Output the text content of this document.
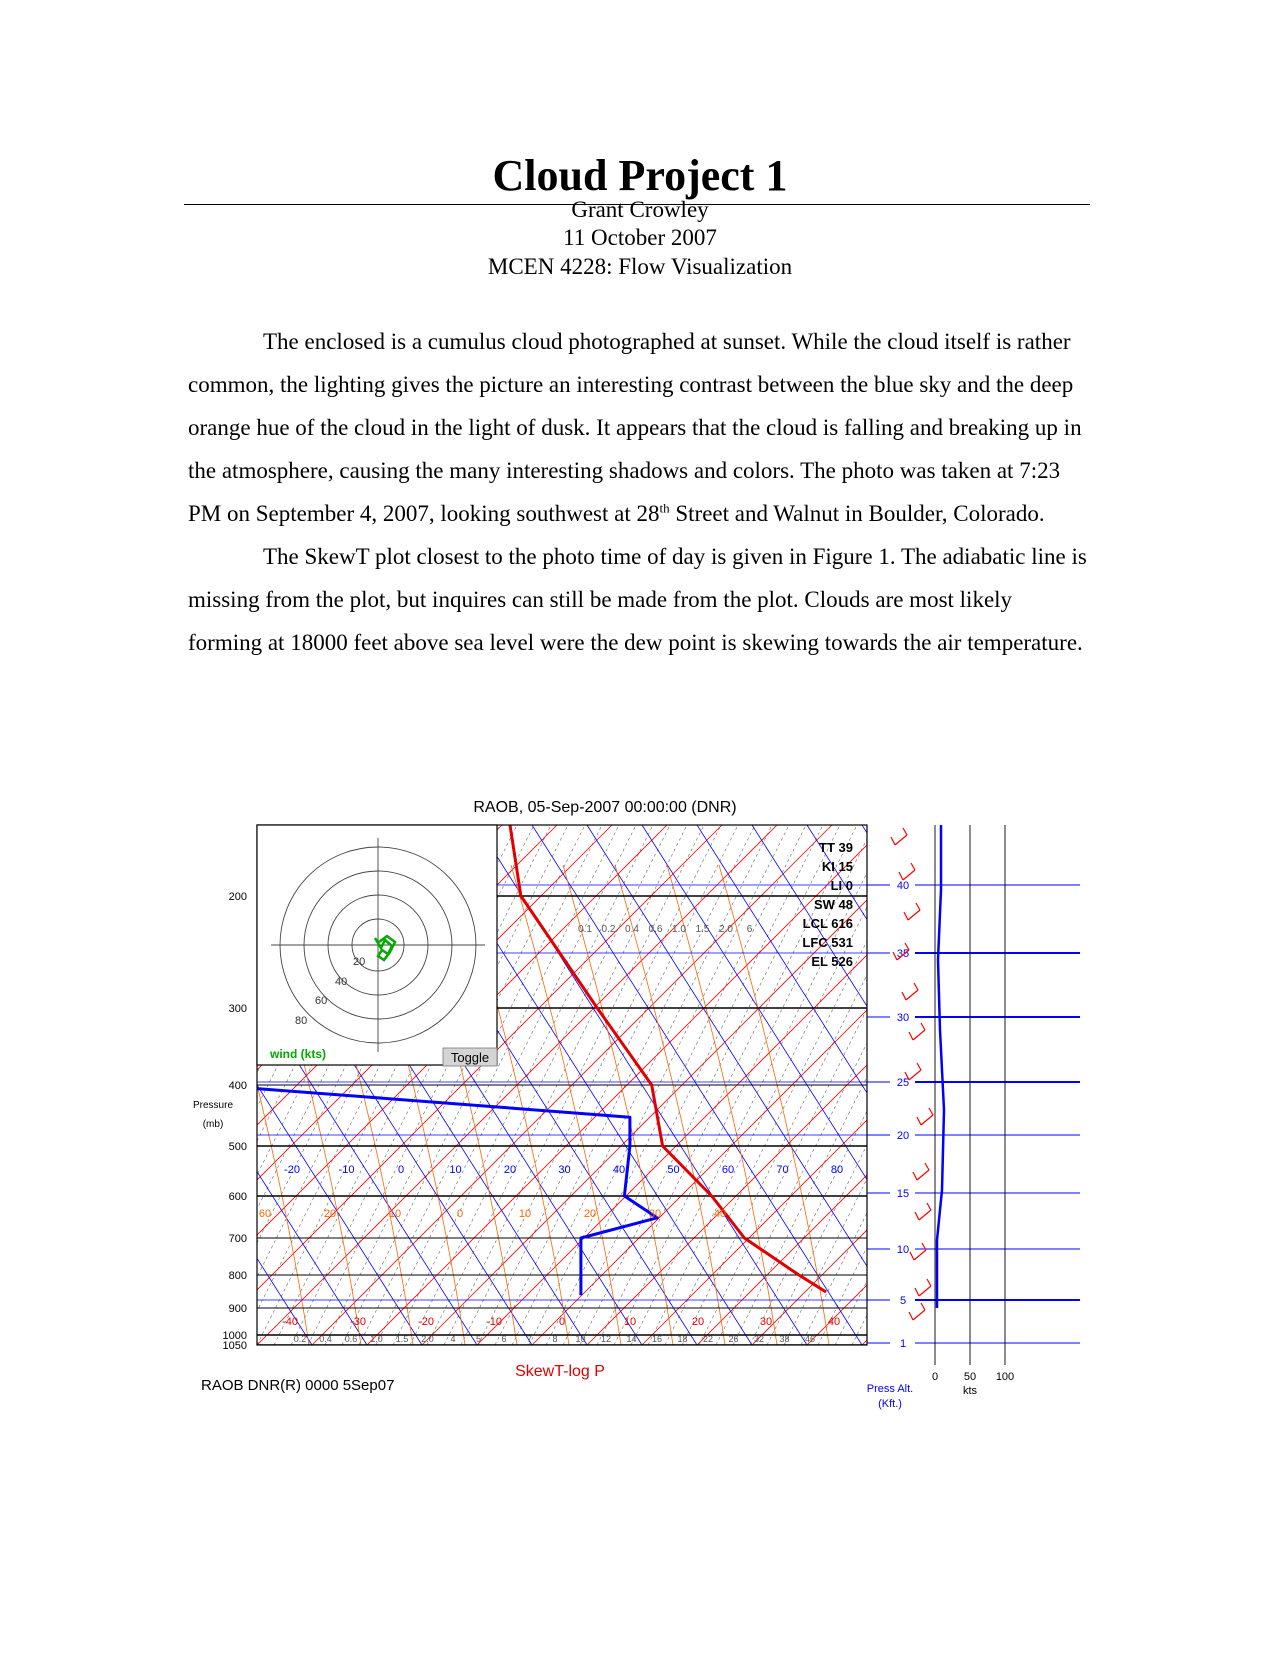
Cloud Project 1
Grant Crowley
11 October 2007
MCEN 4228: Flow Visualization

The enclosed is a cumulus cloud photographed at sunset. While the cloud itself is rather common, the lighting gives the picture an interesting contrast between the blue sky and the deep orange hue of the cloud in the light of dusk. It appears that the cloud is falling and breaking up in the atmosphere, causing the many interesting shadows and colors. The photo was taken at 7:23 PM on September 4, 2007, looking southwest at 28th Street and Walnut in Boulder, Colorado.

The SkewT plot closest to the photo time of day is given in Figure 1. The adiabatic line is missing from the plot, but inquires can still be made from the plot. Clouds are most likely forming at 18000 feet above sea level were the dew point is skewing towards the air temperature.

RAOB, 05-Sep-2007 00:00:00 (DNR)
20
40
60
80
wind (kts)	Toggle
TT 39
KI 15
LI 0
SW 48
LCL 616
LFC 531
EL 526
200
300
400
500
600
700
800
900
1000
1050
Pressure
(mb)
-20	-10	0	10	20	30	40	50	60	70	80
60	20	10	0	10	20	30	40
-40	-30	-20	-10	0	10	20	30	40
0.2 0.4 0.6 1.0 1.5 2.0 4 5 6 7 8 10 12 14 16 18 22 26 32 38 46
0.1 0.2 0.4 0.6 1.0 1.5 2.0 6
RAOB DNR(R) 0000 5Sep07
SkewT-log P
40
35
30
25
20
15
10
5
1
0 50 100
kts
Press Alt.
(Kft.)
